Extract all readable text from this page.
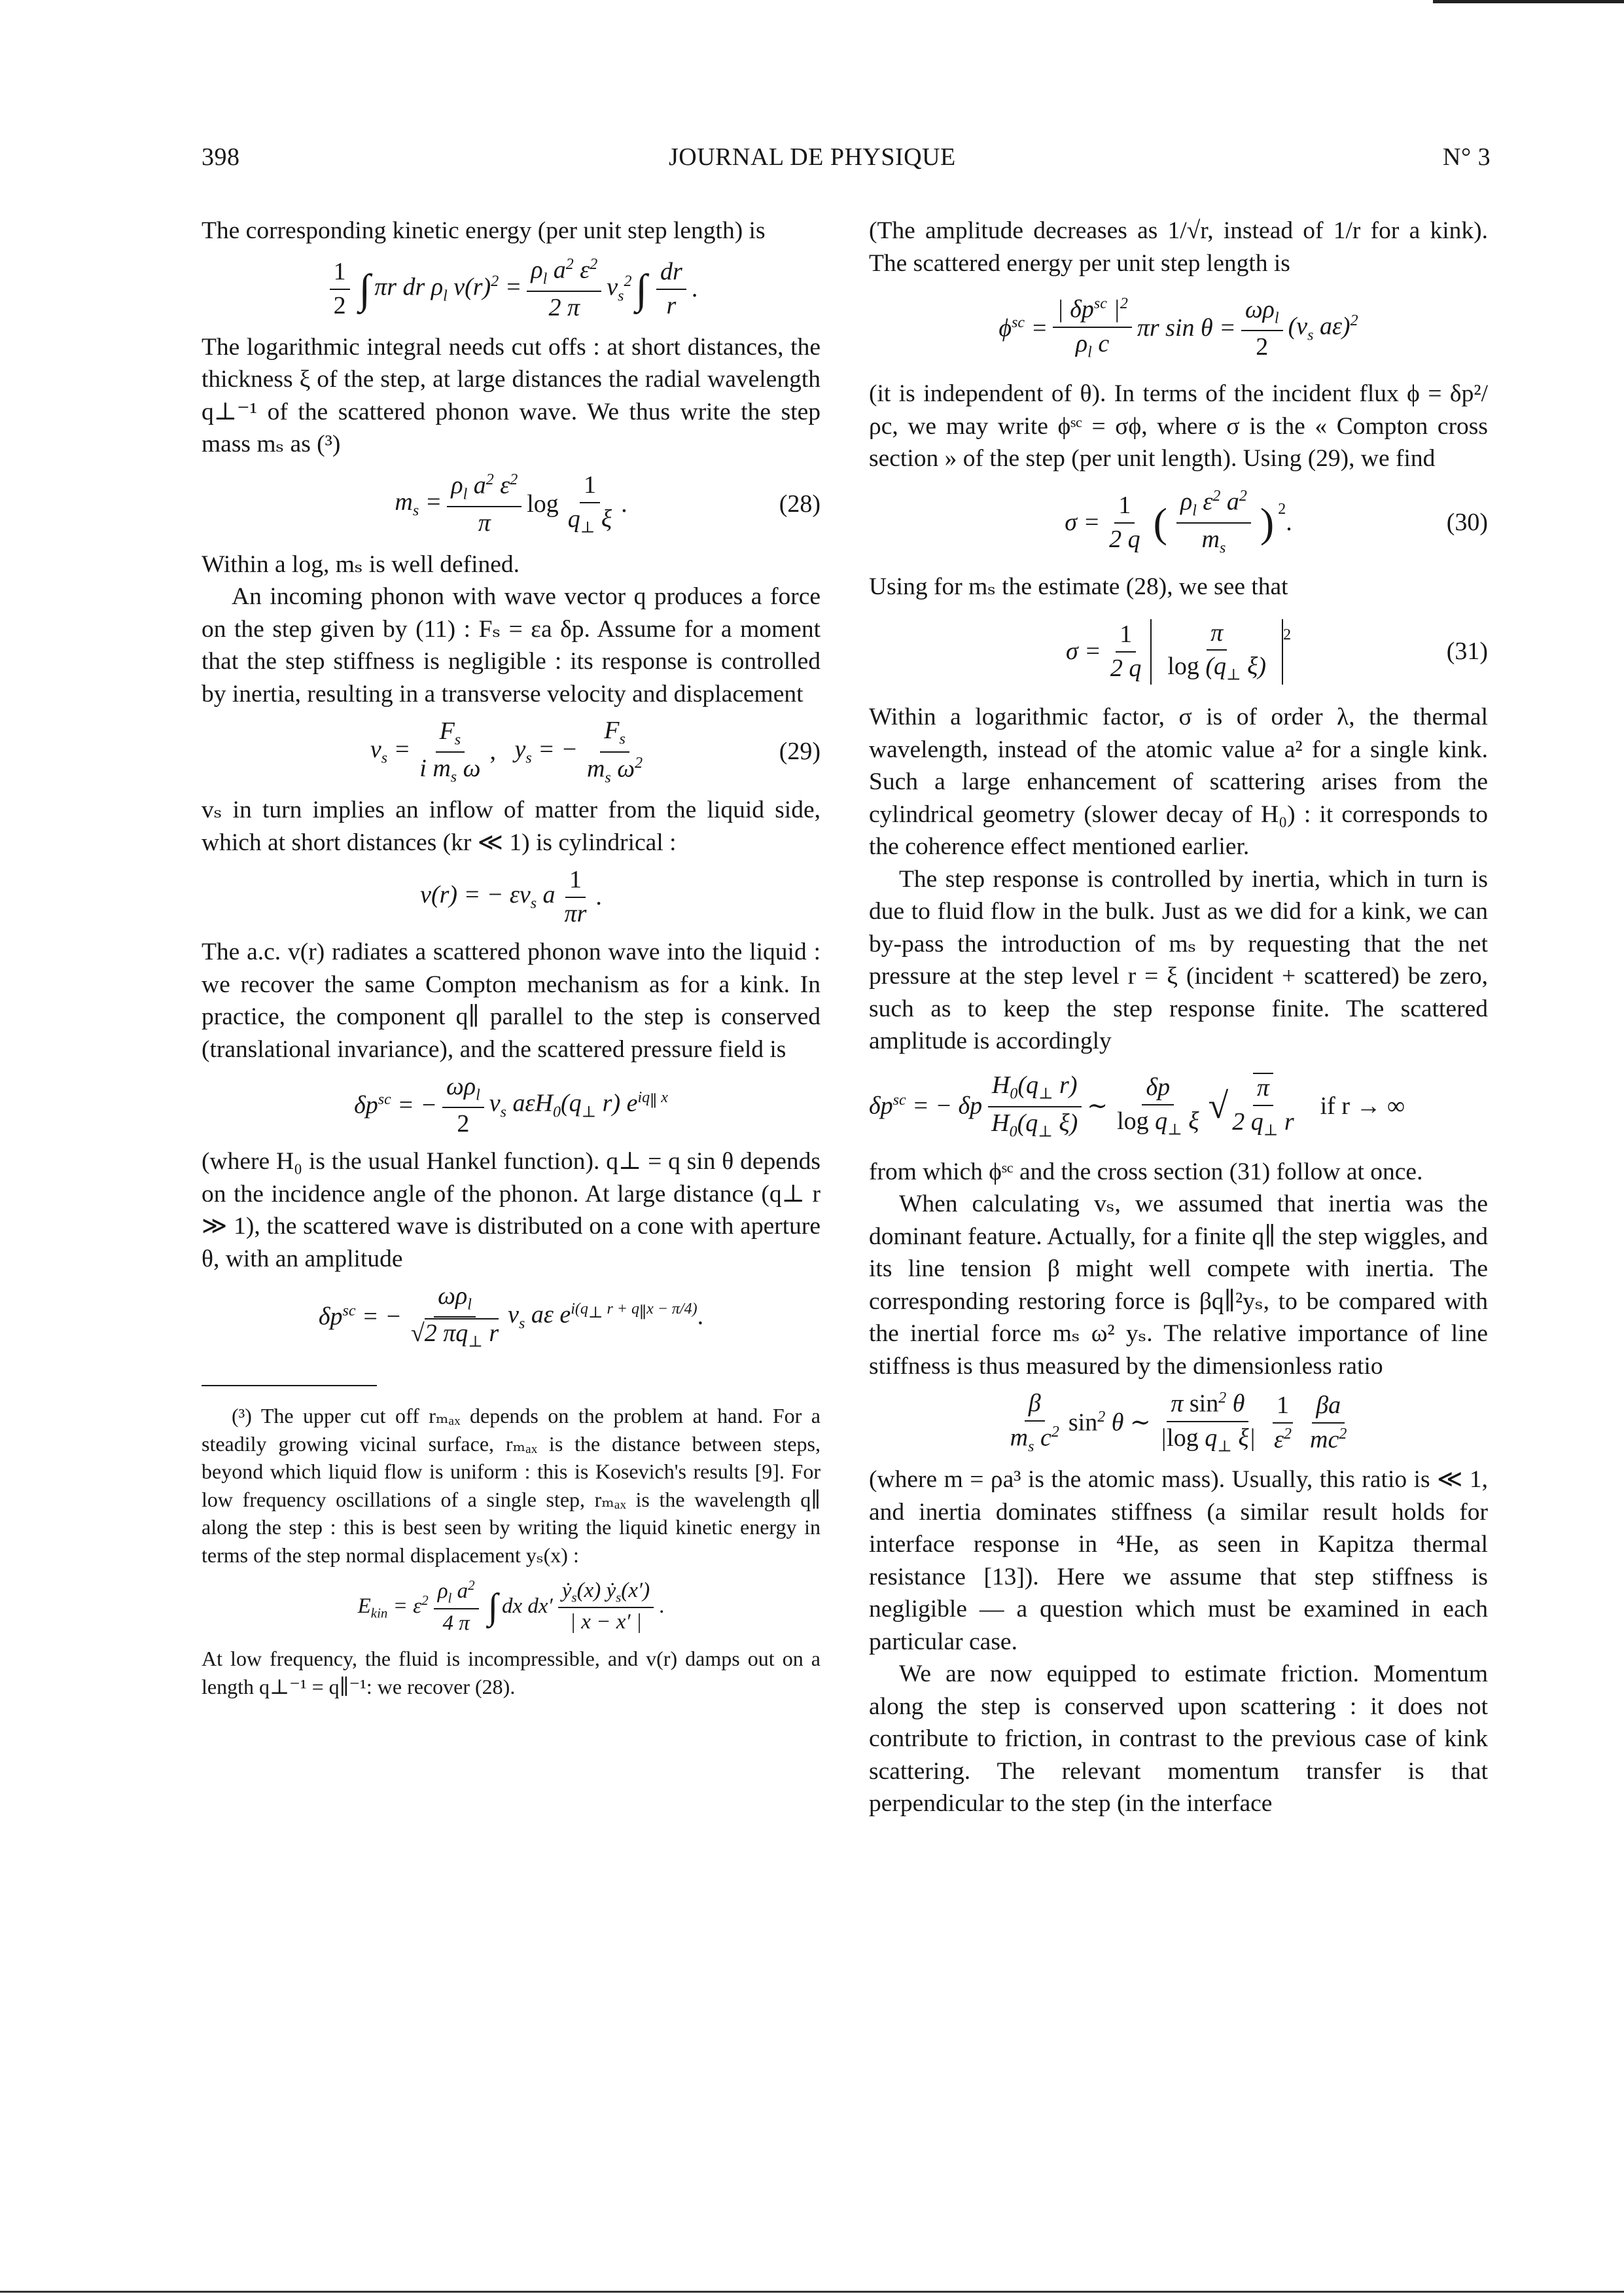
398	JOURNAL DE PHYSIQUE	N° 3

The corresponding kinetic energy (per unit step length) is

$\frac{1}{2}$ ∫ πr dr $\rho_l$ $v(r)^2 = \frac{\rho_l a^2 \varepsilon^2}{2 \pi} v_s^2$ ∫ $\frac{dr}{r}$ .

The logarithmic integral needs cut offs : at short distances, the thickness ξ of the step, at large distances the radial wavelength q⊥⁻¹ of the scattered phonon wave. We thus write the step mass mₛ as (³)

$m_s = \frac{\rho_l a^2 \varepsilon^2}{\pi}$ $\log \frac{1}{q_\perp \xi}$ .	(28)

Within a log, mₛ is well defined.

An incoming phonon with wave vector q produces a force on the step given by (11) : Fₛ = εa δp. Assume for a moment that the step stiffness is negligible : its response is controlled by inertia, resulting in a transverse velocity and displacement

$v_s = \frac{F_s}{i m_s \omega}$ , $y_s$ = − $\frac{F_s}{m_s \omega^2}$	(29)

vₛ in turn implies an inflow of matter from the liquid side, which at short distances (kr ≪ 1) is cylindrical :

v(r) = − $\varepsilon v_s$ a $\frac{1}{\pi r}$ .

The a.c. v(r) radiates a scattered phonon wave into the liquid : we recover the same Compton mechanism as for a kink. In practice, the component q∥ parallel to the step is conserved (translational invariance), and the scattered pressure field is

$\delta p^{sc}$ = − $\frac{\omega\rho_l}{2} v_s$ $a\varepsilon H_0(q_\perp$ r) $e^{iq_\parallel x}$

(where H₀ is the usual Hankel function). q⊥ = q sin θ depends on the incidence angle of the phonon. At large distance (q⊥ r ≫ 1), the scattered wave is distributed on a cone with aperture θ, with an amplitude

$\delta p^{sc}$ = − $\frac{\omega\rho_l}{√2 \pi q_\perp r} v_s$ aε $e^{i(q_\perp r + q_\parallel x - \pi/4)}$ .

(³) The upper cut off rₘₐₓ depends on the problem at hand. For a steadily growing vicinal surface, rₘₐₓ is the distance between steps, beyond which liquid flow is uniform : this is Kosevich's results [9]. For low frequency oscillations of a single step, rₘₐₓ is the wavelength q∥ along the step : this is best seen by writing the liquid kinetic energy in terms of the step normal displacement yₛ(x) :

$E_{kin} = \varepsilon^2 \frac{\rho_l a^2}{4 \pi}$ ∫ dx $dx' \frac{ẏ_s(x) ẏ_s(x')}{| x - x' |}$ .

At low frequency, the fluid is incompressible, and v(r) damps out on a length q⊥⁻¹ = q∥⁻¹: we recover (28).

(The amplitude decreases as 1/√r, instead of 1/r for a kink). The scattered energy per unit step length is

$\phi^{sc} = \frac{| \delta p^{sc} |^2}{\rho_l c}$ πr $\sin \theta = \frac{\omega\rho_l}{2} (v_s$ aε)$^2$

(it is independent of θ). In terms of the incident flux ϕ = δp²/ρc, we may write ϕˢᶜ = σϕ, where σ is the « Compton cross section » of the step (per unit length). Using (29), we find

$\sigma = \frac{1}{2 q}$ ( $\frac{\rho_l \varepsilon^2 a^2}{m_s}$ ) $^2$ .	(30)

Using for mₛ the estimate (28), we see that

$\sigma = \frac{1}{2 q} \frac{\pi}{\log (q_\perp \xi)} ^2$
(31)

Within a logarithmic factor, σ is of order λ, the thermal wavelength, instead of the atomic value a² for a single kink. Such a large enhancement of scattering arises from the cylindrical geometry (slower decay of H₀) : it corresponds to the coherence effect mentioned earlier.

The step response is controlled by inertia, which in turn is due to fluid flow in the bulk. Just as we did for a kink, we can by-pass the introduction of mₛ by requesting that the net pressure at the step level r = ξ (incident + scattered) be zero, such as to keep the step response finite. The scattered amplitude is accordingly

$\delta p^{sc}$ = − δp $\frac{H_0(q_\perp r)}{H_0(q_\perp \xi)}$ ∼ $\frac{\delta p}{\log q_\perp \xi}$ √ $\frac{\pi}{2 q_\perp r}$ if r → ∞

from which ϕˢᶜ and the cross section (31) follow at once.

When calculating vₛ, we assumed that inertia was the dominant feature. Actually, for a finite q∥ the step wiggles, and its line tension β might well compete with inertia. The corresponding restoring force is βq∥²yₛ, to be compared with the inertial force mₛ ω² yₛ. The relative importance of line stiffness is thus measured by the dimensionless ratio

$\frac{\beta}{m_s c^2} \sin^2 \theta$ ∼ $\frac{\pi \sin^2 \theta}{|\log q_\perp \xi|} \frac{1}{\varepsilon^2} \frac{\beta a}{mc^2}$

(where m = ρa³ is the atomic mass). Usually, this ratio is ≪ 1, and inertia dominates stiffness (a similar result holds for interface response in ⁴He, as seen in Kapitza thermal resistance [13]). Here we assume that step stiffness is negligible — a question which must be examined in each particular case.

We are now equipped to estimate friction. Momentum along the step is conserved upon scattering : it does not contribute to friction, in contrast to the previous case of kink scattering. The relevant momentum transfer is that perpendicular to the step (in the interface
